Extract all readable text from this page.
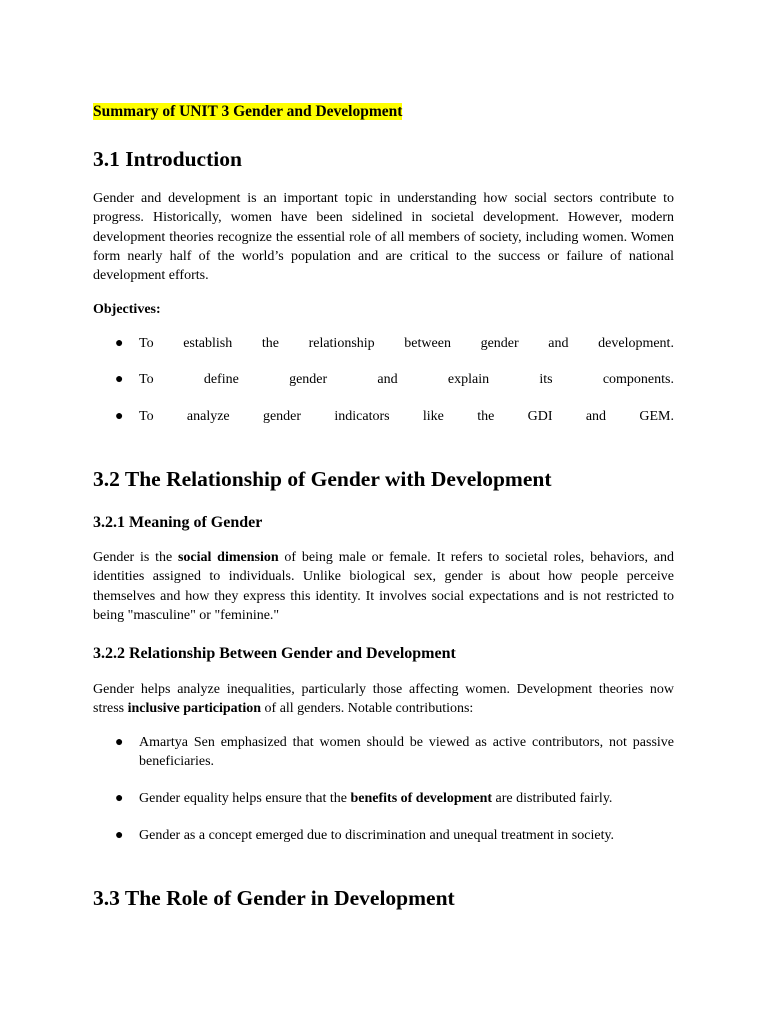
Summary of UNIT 3 Gender and Development
3.1 Introduction

Gender and development is an important topic in understanding how social sectors contribute to progress. Historically, women have been sidelined in societal development. However, modern development theories recognize the essential role of all members of society, including women. Women form nearly half of the world’s population and are critical to the success or failure of national development efforts.

Objectives:
● To establish the relationship between gender and development.
● To	define	gender	and	explain	its	components.
● To analyze gender indicators like the GDI and GEM.
3.2 The Relationship of Gender with Development
3.2.1 Meaning of Gender

Gender is the social dimension of being male or female. It refers to societal roles, behaviors, and identities assigned to individuals. Unlike biological sex, gender is about how people perceive themselves and how they express this identity. It involves social expectations and is not restricted to being "masculine" or "feminine."

3.2.2 Relationship Between Gender and Development

Gender helps analyze inequalities, particularly those affecting women. Development theories now stress inclusive participation of all genders. Notable contributions:

● Amartya Sen emphasized that women should be viewed as active contributors, not passive beneficiaries.
● Gender equality helps ensure that the benefits of development are distributed fairly.
● Gender as a concept emerged due to discrimination and unequal treatment in society.
3.3 The Role of Gender in Development
